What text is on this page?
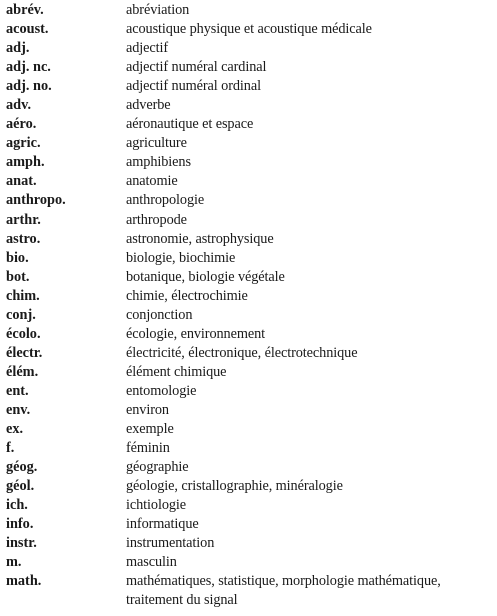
abrév.	abréviation
acoust.	acoustique physique et acoustique médicale
adj.	adjectif
adj. nc.	adjectif numéral cardinal
adj. no.	adjectif numéral ordinal
adv.	adverbe
aéro.	aéronautique et espace
agric.	agriculture
amph.	amphibiens
anat.	anatomie
anthropo.	anthropologie
arthr.	arthropode
astro.	astronomie, astrophysique
bio.	biologie, biochimie
bot.	botanique, biologie végétale
chim.	chimie, électrochimie
conj.	conjonction
écolo.	écologie, environnement
électr.	électricité, électronique, électrotechnique
élém.	élément chimique
ent.	entomologie
env.	environ
ex.	exemple
f.	féminin
géog.	géographie
géol.	géologie, cristallographie, minéralogie
ich.	ichtiologie
info.	informatique
instr.	instrumentation
m.	masculin
math.	mathématiques, statistique, morphologie mathématique, traitement du signal
